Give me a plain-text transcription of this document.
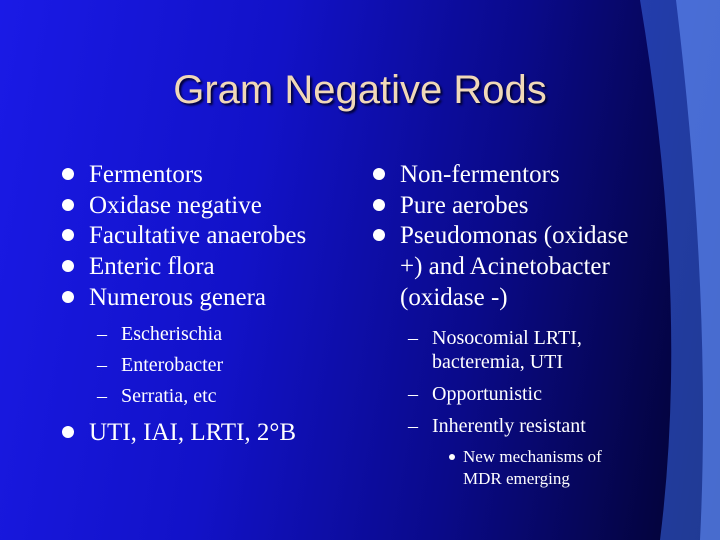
Gram Negative Rods
Fermentors
Oxidase negative
Facultative anaerobes
Enteric flora
Numerous genera
– Escherischia
– Enterobacter
– Serratia, etc
UTI, IAI, LRTI, 2°B
Non-fermentors
Pure aerobes
Pseudomonas (oxidase
+) and Acinetobacter
(oxidase -)
– Nosocomial LRTI,
bacteremia, UTI
– Opportunistic
– Inherently resistant
New mechanisms of
MDR emerging
